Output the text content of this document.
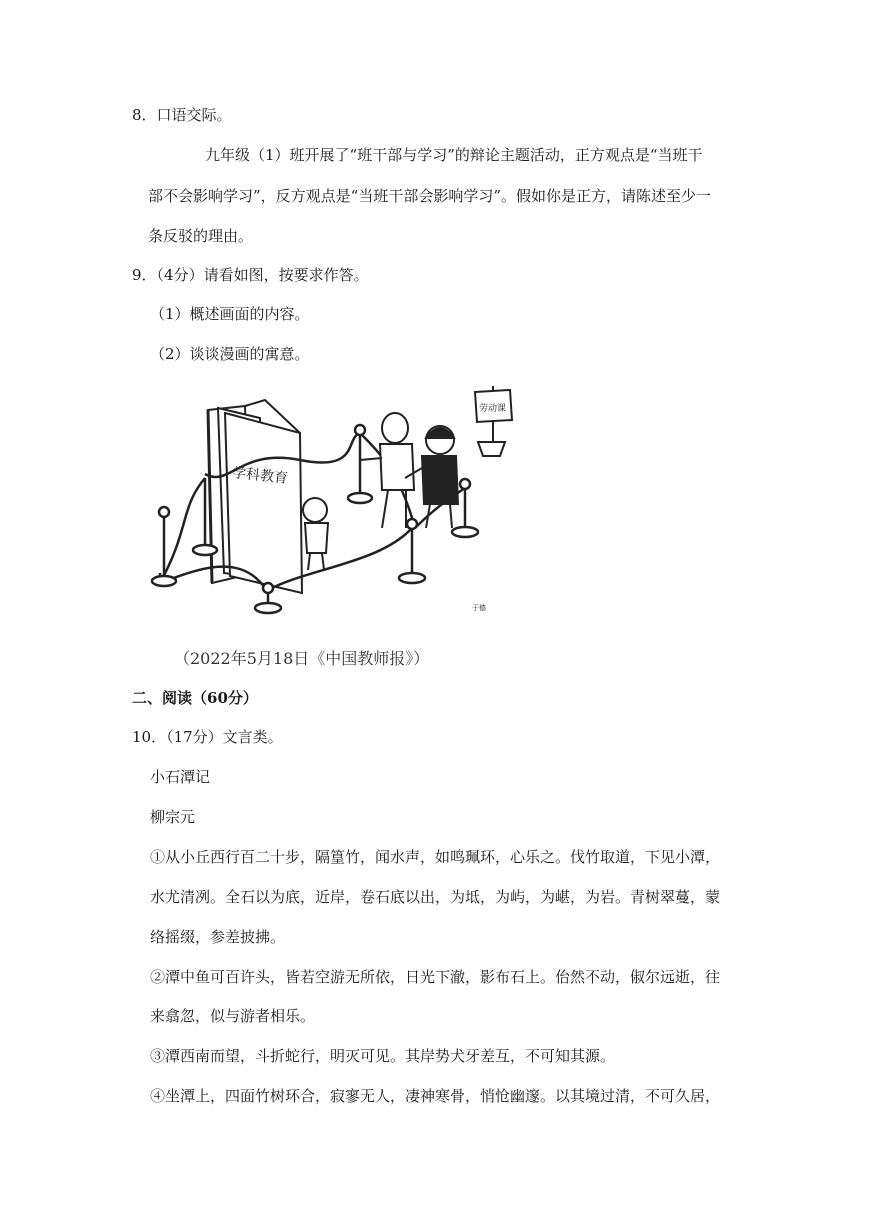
8．口语交际。
九年级（1）班开展了“班干部与学习”的辩论主题活动，正方观点是“当班干
部不会影响学习”，反方观点是“当班干部会影响学习”。假如你是正方，请陈述至少一
条反驳的理由。
9．（4分）请看如图，按要求作答。
（1）概述画面的内容。
（2）谈谈漫画的寓意。
学科教育
劳动课
于德
（2022年5月18日《中国教师报》）
二、阅读（60分）
10．（17分）文言类。
小石潭记
柳宗元
①从小丘西行百二十步，隔篁竹，闻水声，如鸣珮环，心乐之。伐竹取道，下见小潭，
水尤清冽。全石以为底，近岸，卷石底以出，为坻，为屿，为嵁，为岩。青树翠蔓，蒙
络摇缀，参差披拂。
②潭中鱼可百许头，皆若空游无所依，日光下澈，影布石上。佁然不动，俶尔远逝，往
来翕忽，似与游者相乐。
③潭西南而望，斗折蛇行，明灭可见。其岸势犬牙差互，不可知其源。
④坐潭上，四面竹树环合，寂寥无人，凄神寒骨，悄怆幽邃。以其境过清，不可久居，
